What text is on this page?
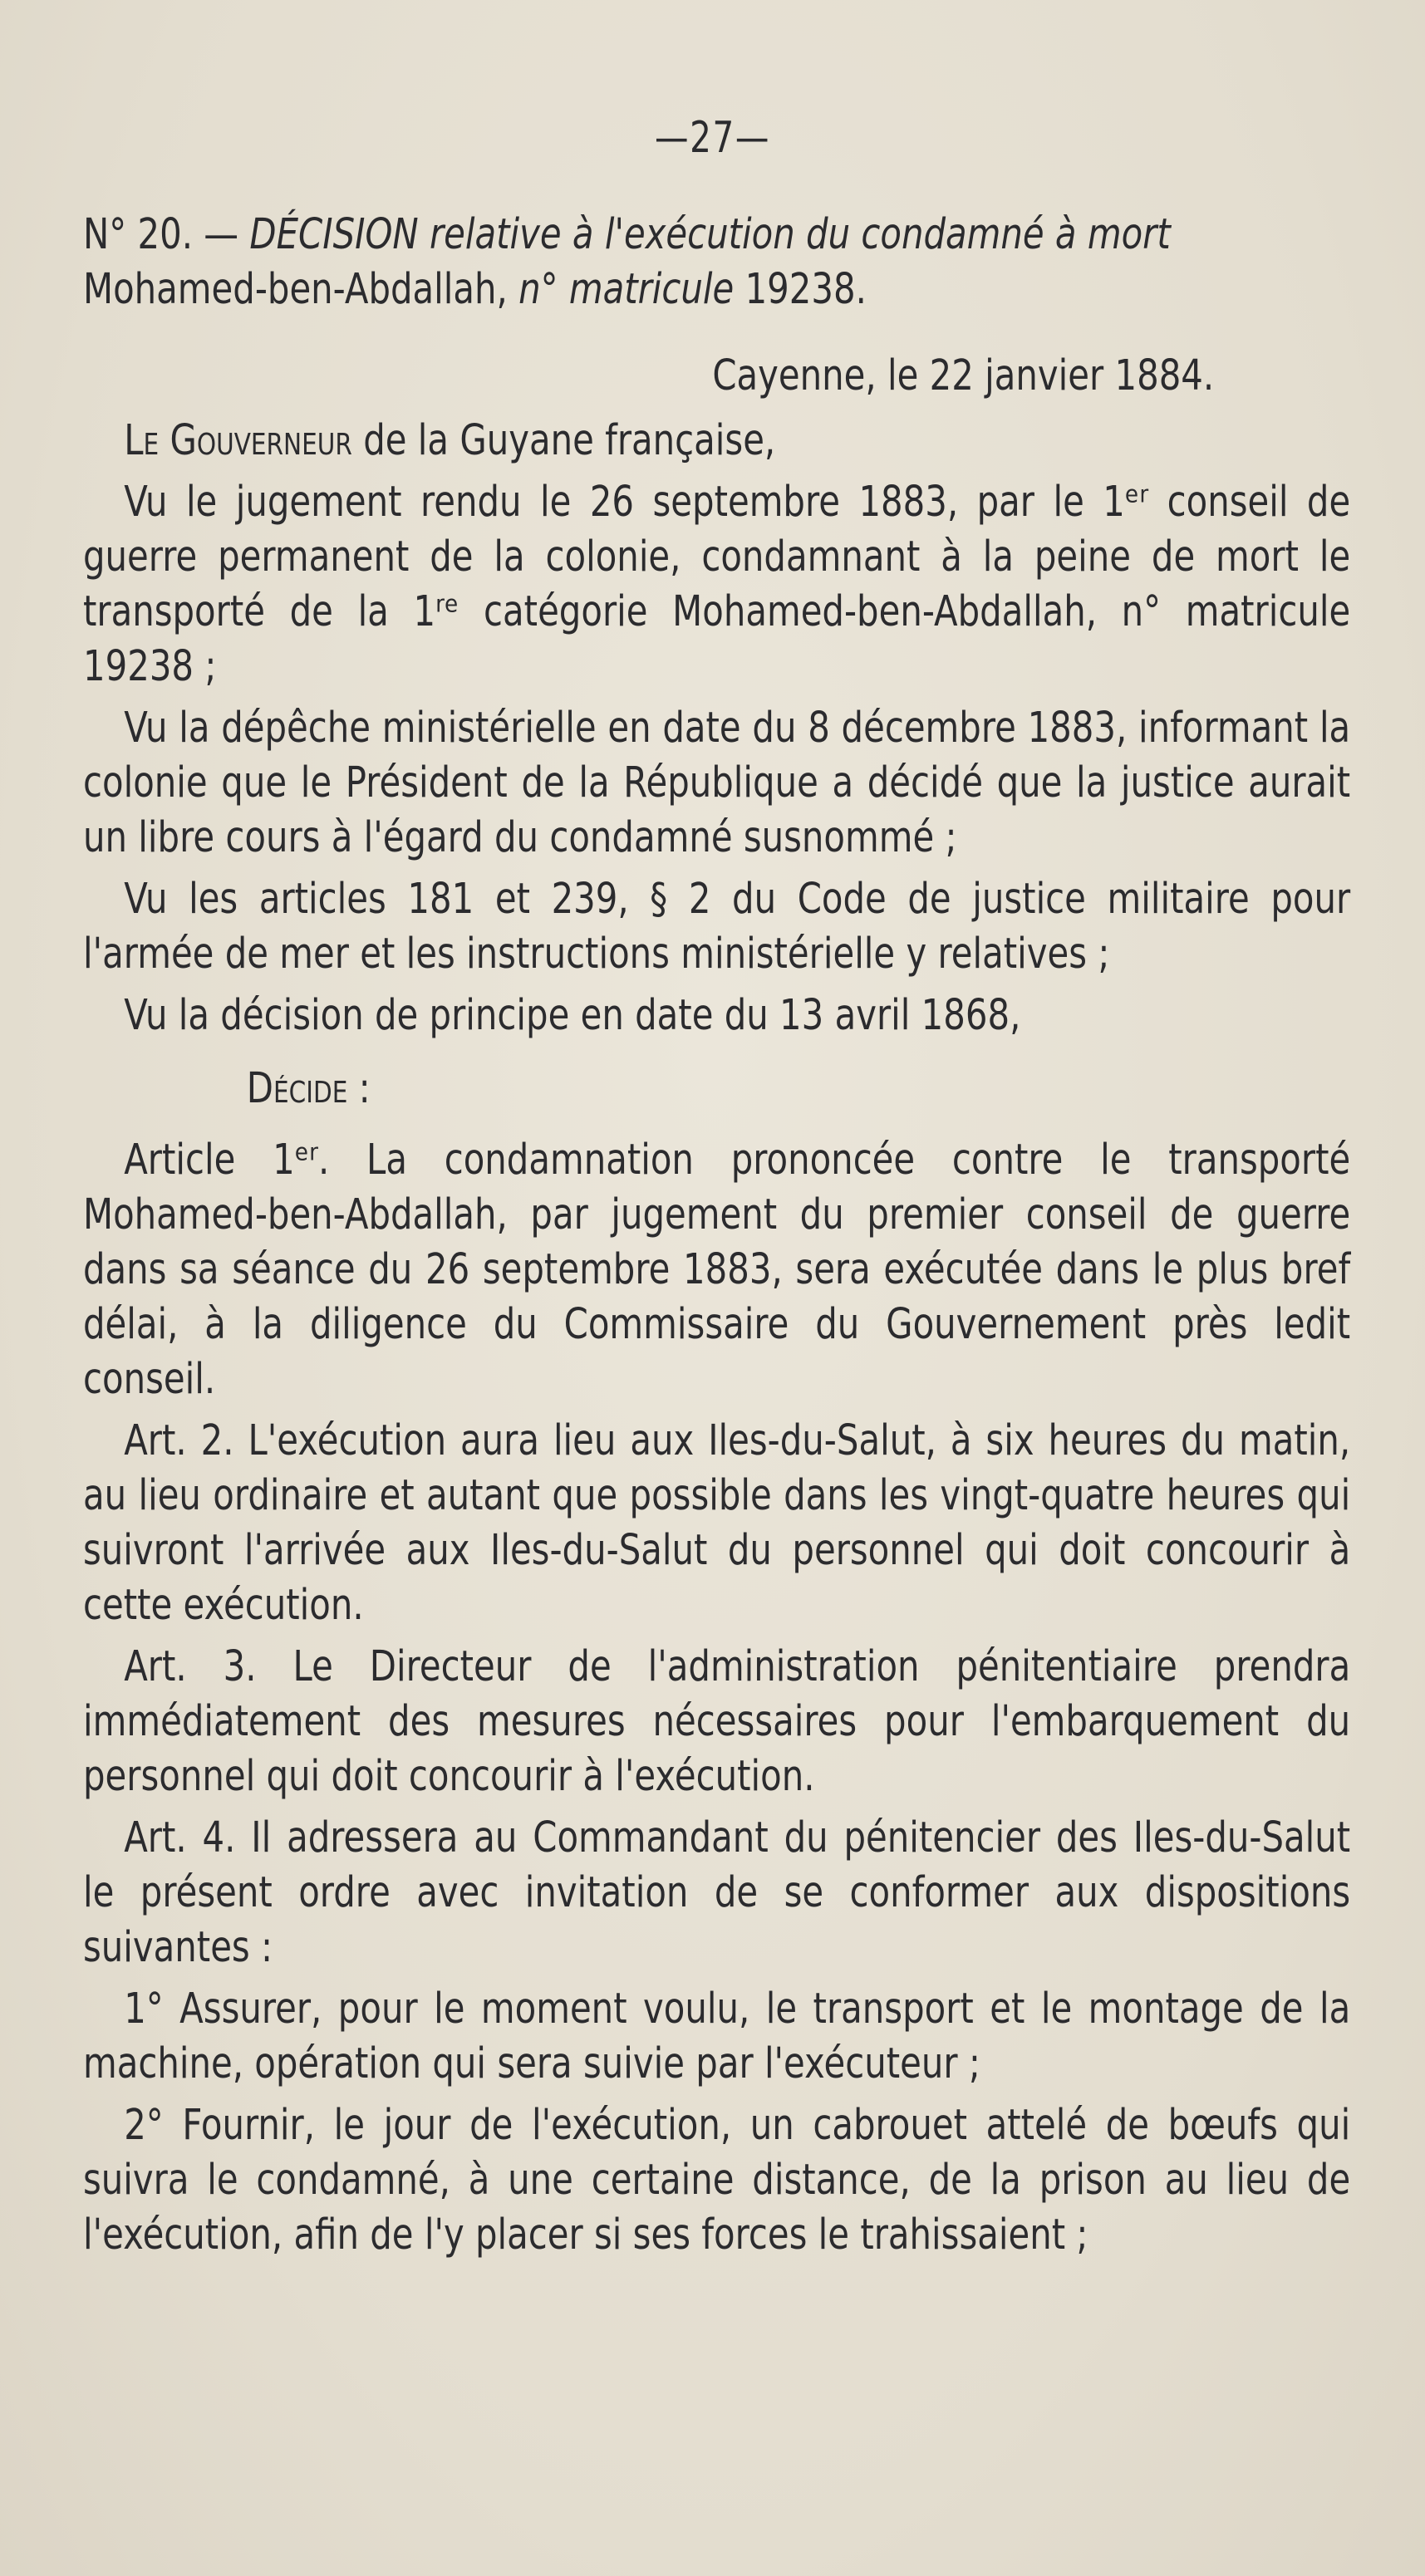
—27—
N° 20. — DÉCISION relative à l'exécution du condamné à mort Mohamed-ben-Abdallah, n° matricule 19238.
Cayenne, le 22 janvier 1884.
Le Gouverneur de la Guyane française,
Vu le jugement rendu le 26 septembre 1883, par le 1ᵉʳ conseil de guerre permanent de la colonie, condamnant à la peine de mort le transporté de la 1ʳᵉ catégorie Mohamed-ben-Abdallah, n° matricule 19238 ;
Vu la dépêche ministérielle en date du 8 décembre 1883, informant la colonie que le Président de la République a décidé que la justice aurait un libre cours à l'égard du condamné susnommé ;
Vu les articles 181 et 239, § 2 du Code de justice militaire pour l'armée de mer et les instructions ministérielle y relatives ;
Vu la décision de principe en date du 13 avril 1868,
Décide :
Article 1ᵉʳ. La condamnation prononcée contre le transporté Mohamed-ben-Abdallah, par jugement du premier conseil de guerre dans sa séance du 26 septembre 1883, sera exécutée dans le plus bref délai, à la diligence du Commissaire du Gouvernement près ledit conseil.
Art. 2. L'exécution aura lieu aux Iles-du-Salut, à six heures du matin, au lieu ordinaire et autant que possible dans les vingt-quatre heures qui suivront l'arrivée aux Iles-du-Salut du personnel qui doit concourir à cette exécution.
Art. 3. Le Directeur de l'administration pénitentiaire prendra immédiatement des mesures nécessaires pour l'embarquement du personnel qui doit concourir à l'exécution.
Art. 4. Il adressera au Commandant du pénitencier des Iles-du-Salut le présent ordre avec invitation de se conformer aux dispositions suivantes :
1° Assurer, pour le moment voulu, le transport et le montage de la machine, opération qui sera suivie par l'exécuteur ;
2° Fournir, le jour de l'exécution, un cabrouet attelé de bœufs qui suivra le condamné, à une certaine distance, de la prison au lieu de l'exécution, afin de l'y placer si ses forces le trahissaient ;
